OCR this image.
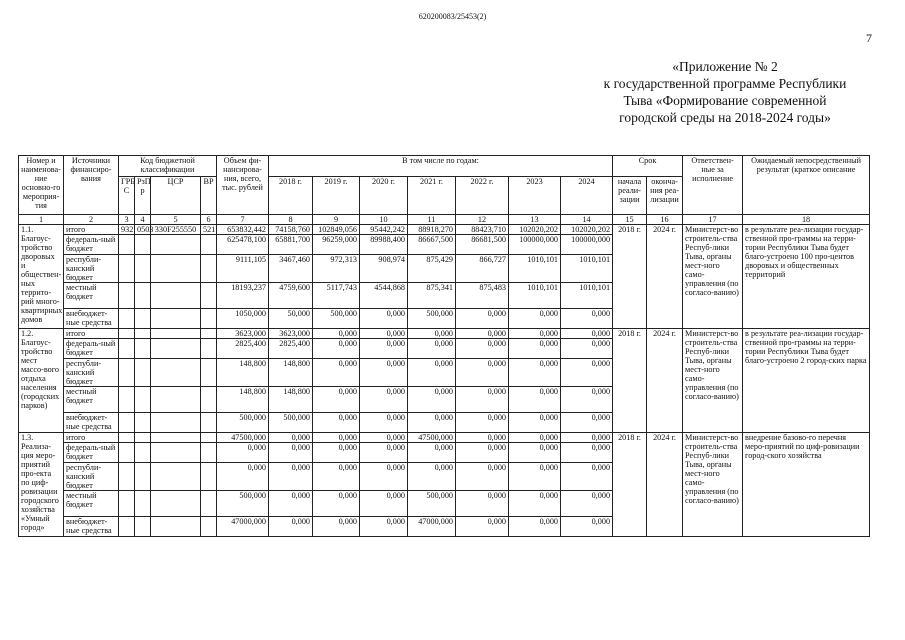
620200083/25453(2)
7
«Приложение № 2
к государственной программе Республики
Тыва «Формирование современной
городской среды на 2018-2024 годы»
Номер и наименова-ние основно-го мероприя-тия	Источники финансиро-вания	Код бюджетной классификации				Объем фи-нансирова-ния, всего, тыс. рублей	В том числе по годам:							Срок		Ответствен-ные за исполнение	Ожидаемый непосредственный результат (краткое описание
		ГРБ С	РзП р	ЦСР	ВР		2018 г.	2019 г.	2020 г.	2021 г.	2022 г.	2023	2024	начала реали-зации	оконча-ния реа-лизации		
1	2	3	4	5	6	7	8	9	10	11	12	13	14	15	16	17	18
1.1. Благоус-тройство дворовых и обществен-ных террито-рий много-квартирных домов	итого	932	0503	330F255550	521	653832,442	74158,760	102849,056	95442,242	88918,270	88423,710	102020,202	102020,202	2018 г.	2024 г.	Министерст-во строитель-ства Респуб-лики Тыва, органы мест-ного само-управления (по согласо-ванию)	в результате реа-лизации государ-ственной про-граммы на терри-тории Республики Тыва будет благо-устроено 100 про-центов дворовых и общественных территорий
	федераль-ный бюджет					625478,100	65881,700	96259,000	89988,400	86667,500	86681,500	100000,000	100000,000				
	республи-канский бюджет					9111,105	3467,460	972,313	908,974	875,429	866,727	1010,101	1010,101				
	местный бюджет					18193,237	4759,600	5117,743	4544,868	875,341	875,483	1010,101	1010,101				
	внебюджет-ные средства					1050,000	50,000	500,000	0,000	500,000	0,000	0,000	0,000				
1.2. Благоус-тройство мест массо-вого отдыха населения (городских парков)	итого					3623,000	3623,000	0,000	0,000	0,000	0,000	0,000	0,000	2018 г.	2024 г.	Министерст-во строитель-ства Респуб-лики Тыва, органы мест-ного само-управления (по согласо-ванию)	в результате реа-лизации государ-ственной про-граммы на терри-тории Республики Тыва будет благо-устроено 2 город-ских парка
	федераль-ный бюджет					2825,400	2825,400	0,000	0,000	0,000	0,000	0,000	0,000				
	республи-канский бюджет					148,800	148,800	0,000	0,000	0,000	0,000	0,000	0,000				
	местный бюджет					148,800	148,800	0,000	0,000	0,000	0,000	0,000	0,000				
	внебюджет-ные средства					500,000	500,000	0,000	0,000	0,000	0,000	0,000	0,000				
1.3. Реализа-ция меро-приятий про-екта по циф-ровизации городского хозяйства «Умный город»	итого					47500,000	0,000	0,000	0,000	47500,000	0,000	0,000	0,000	2018 г.	2024 г.	Министерст-во строитель-ства Респуб-лики Тыва, органы мест-ного само-управления (по согласо-ванию)	внедрение базово-го перечня меро-приятий по циф-ровизации город-ского хозяйства
	федераль-ный бюджет					0,000	0,000	0,000	0,000	0,000	0,000	0,000	0,000				
	республи-канский бюджет					0,000	0,000	0,000	0,000	0,000	0,000	0,000	0,000				
	местный бюджет					500,000	0,000	0,000	0,000	500,000	0,000	0,000	0,000				
	внебюджет-ные средства					47000,000	0,000	0,000	0,000	47000,000	0,000	0,000	0,000				
